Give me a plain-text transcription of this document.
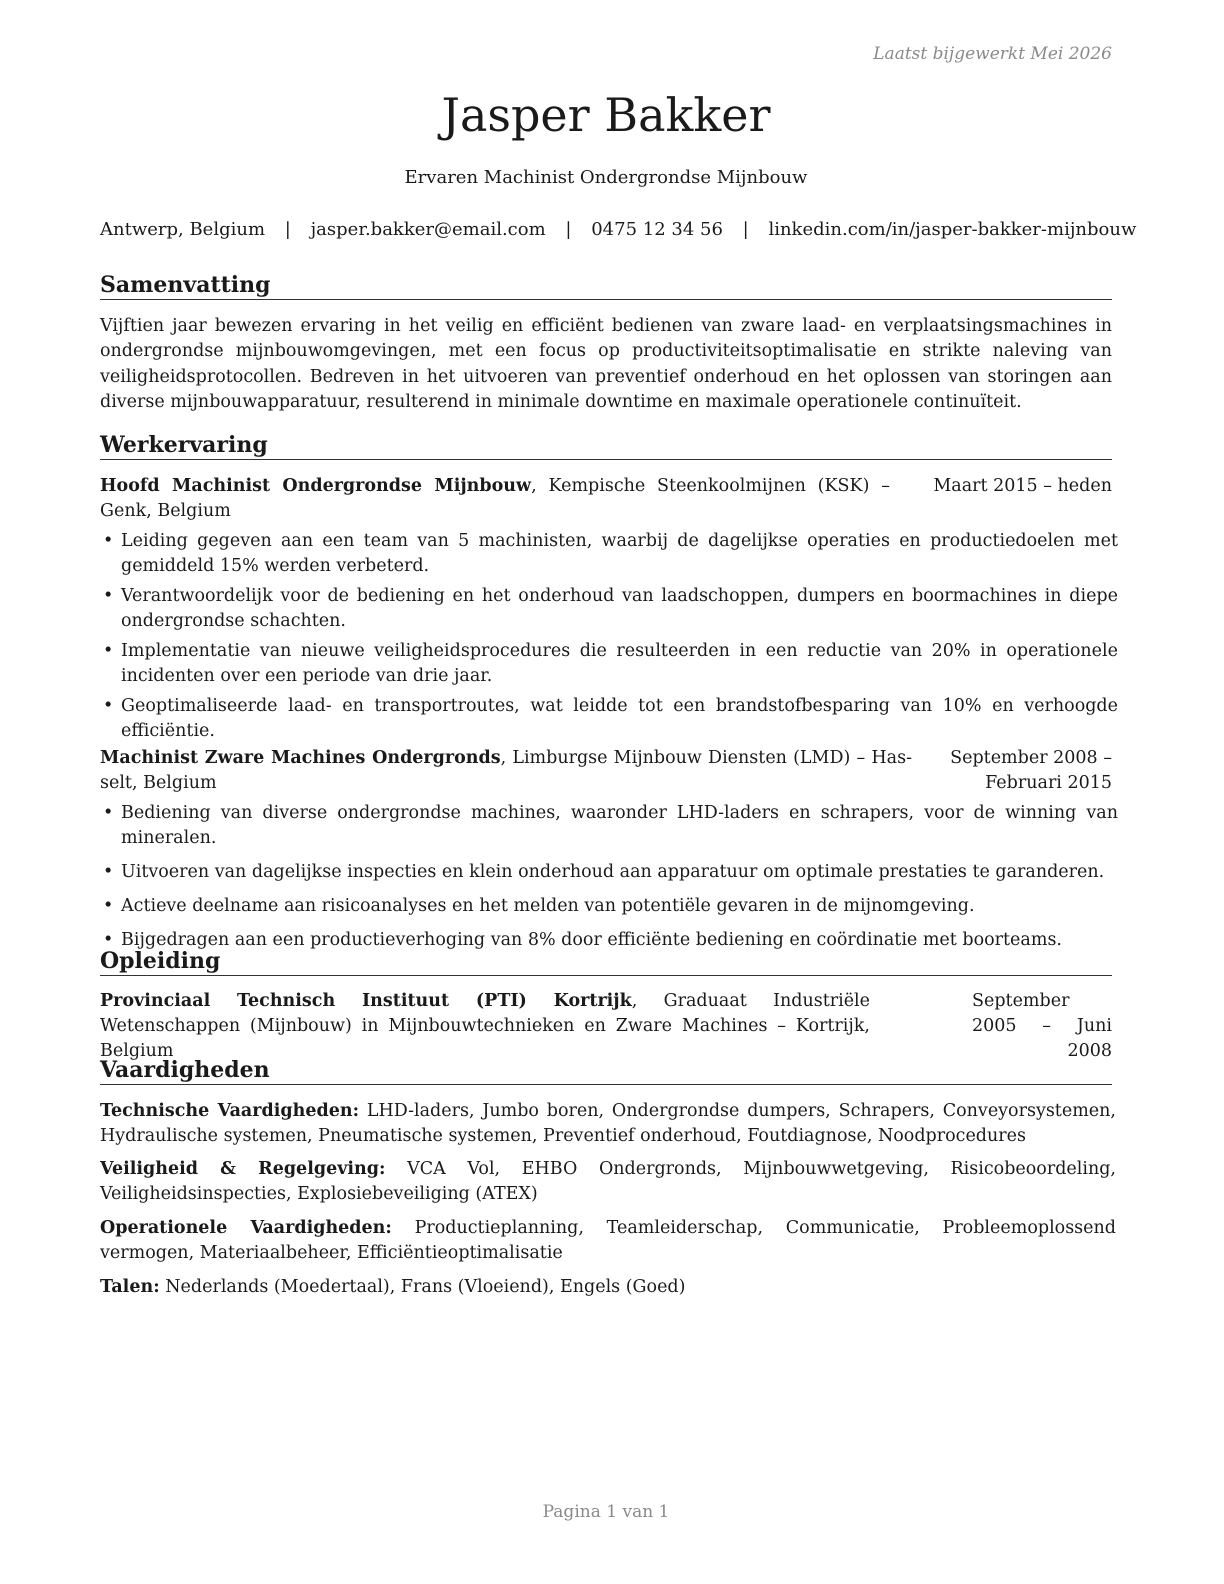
Laatst bijgewerkt Mei 2026
Jasper Bakker
Ervaren Machinist Ondergrondse Mijnbouw
Antwerp, Belgium | jasper.bakker@email.com | 0475 12 34 56 | linkedin.com/in/jasper-bakker-mijnbouw
Samenvatting

Vijftien jaar bewezen ervaring in het veilig en efficiënt bedienen van zware laad- en verplaatsingsmachines in ondergrondse mijnbouwomgevingen, met een focus op productiviteitsoptimalisatie en strikte naleving van veiligheidsprotocollen. Bedreven in het uitvoeren van preventief onderhoud en het oplossen van storingen aan diverse mijnbouwapparatuur, resulterend in minimale downtime en maximale operationele continuïteit.

Werkervaring
Hoofd Machinist Ondergrondse Mijnbouw, Kempische Steenkoolmijnen (KSK) – Genk, Belgium
Maart 2015 – heden
• Leiding gegeven aan een team van 5 machinisten, waarbij de dagelijkse operaties en productiedoelen met gemiddeld 15% werden verbeterd.
• Verantwoordelijk voor de bediening en het onderhoud van laadschoppen, dumpers en boormachines in diepe ondergrondse schachten.
• Implementatie van nieuwe veiligheidsprocedures die resulteerden in een reductie van 20% in operationele incidenten over een periode van drie jaar.
• Geoptimaliseerde laad- en transportroutes, wat leidde tot een brandstofbesparing van 10% en verhoogde efficiëntie.
Machinist Zware Machines Ondergronds, Limburgse Mijnbouw Diensten (LMD) – Has- selt, Belgium
September 2008 – Februari 2015
• Bediening van diverse ondergrondse machines, waaronder LHD-laders en schrapers, voor de winning van mineralen.
• Uitvoeren van dagelijkse inspecties en klein onderhoud aan apparatuur om optimale prestaties te garanderen.
• Actieve deelname aan risicoanalyses en het melden van potentiële gevaren in de mijnomgeving.
• Bijgedragen aan een productieverhoging van 8% door efficiënte bediening en coördinatie met boorteams.
Opleiding
Provinciaal Technisch Instituut (PTI) Kortrijk, Graduaat Industriële Wetenschappen (Mijnbouw) in Mijnbouwtechnieken en Zware Machines – Kortrijk, Belgium
September 2005 – Juni 2008
Vaardigheden
Technische Vaardigheden: LHD-laders, Jumbo boren, Ondergrondse dumpers, Schrapers, Conveyorsystemen, Hydraulische systemen, Pneumatische systemen, Preventief onderhoud, Foutdiagnose, Noodprocedures
Veiligheid & Regelgeving: VCA Vol, EHBO Ondergronds, Mijnbouwwetgeving, Risicobeoordeling, Veiligheidsinspecties, Explosiebeveiliging (ATEX)
Operationele Vaardigheden: Productieplanning, Teamleiderschap, Communicatie, Probleemoplossend vermogen, Materiaalbeheer, Efficiëntieoptimalisatie
Talen: Nederlands (Moedertaal), Frans (Vloeiend), Engels (Goed)
Pagina 1 van 1
